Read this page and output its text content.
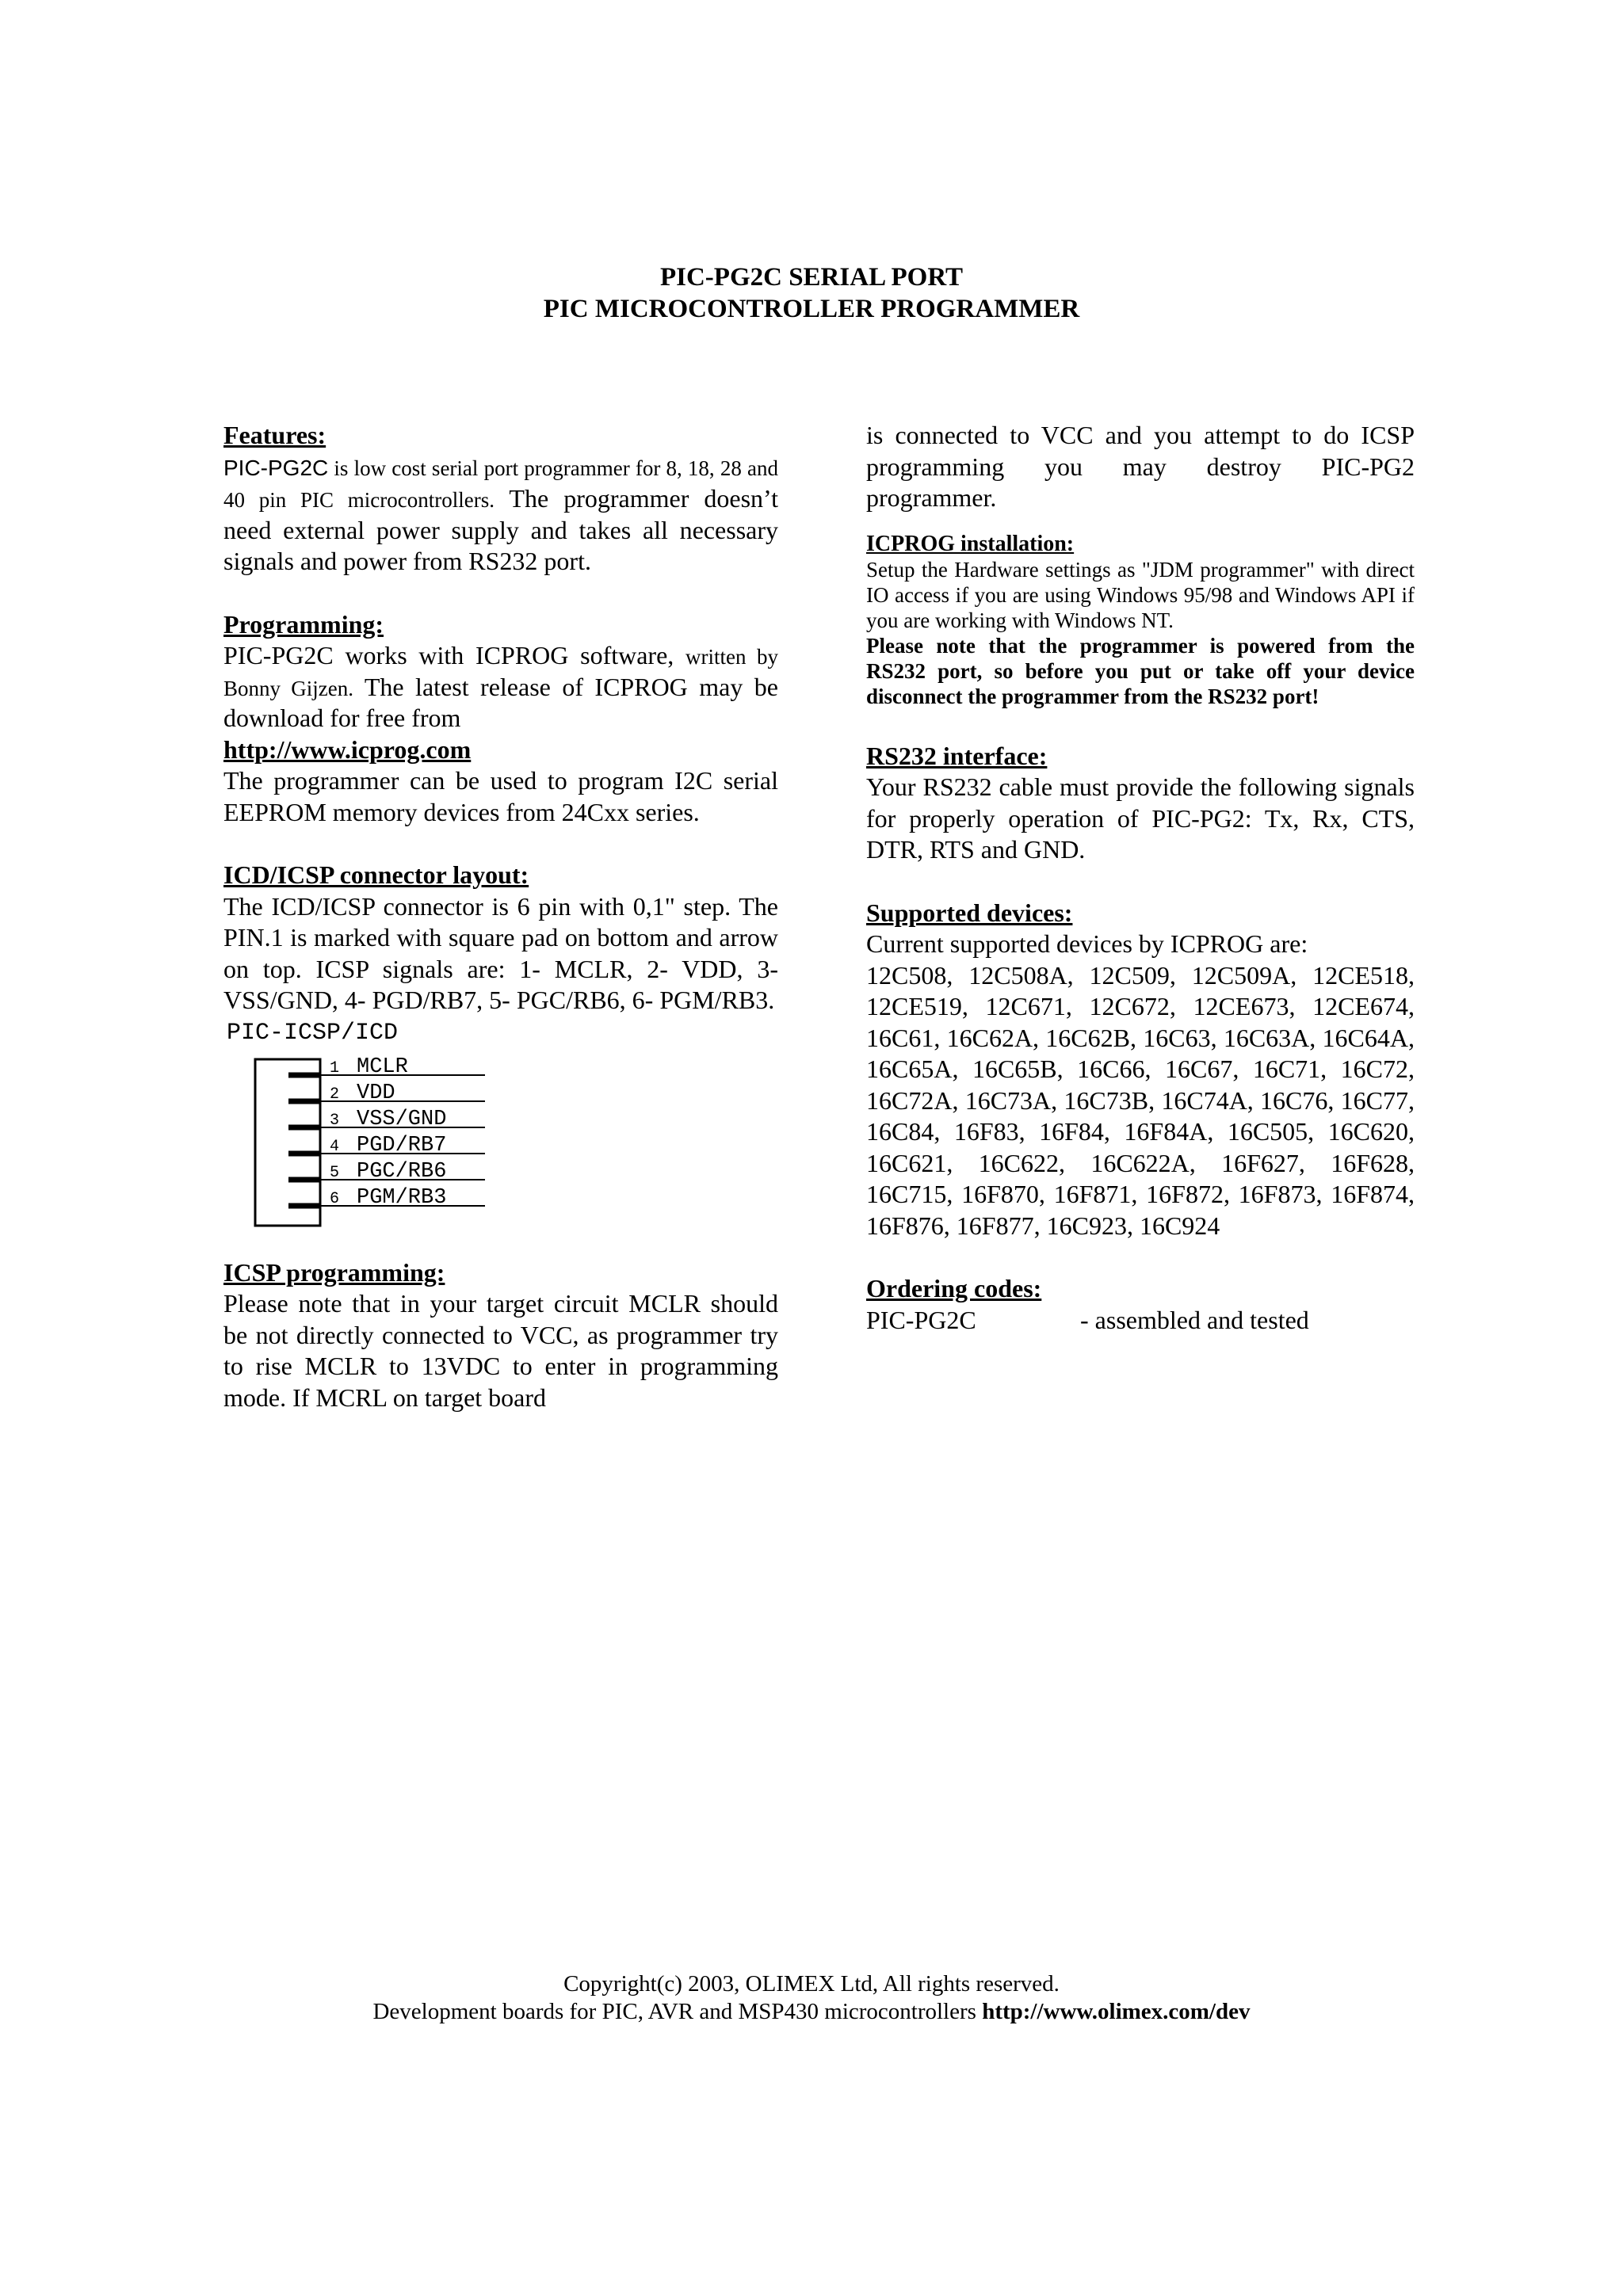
PIC-PG2C SERIAL PORT
PIC MICROCONTROLLER PROGRAMMER
Features:
PIC-PG2C is low cost serial port programmer for 8, 18, 28 and 40 pin PIC microcontrollers. The programmer doesn’t need external power supply and takes all necessary signals and power from RS232 port.
Programming:
PIC-PG2C works with ICPROG software, written by Bonny Gijzen. The latest release of ICPROG may be download for free from
http://www.icprog.com
The programmer can be used to program I2C serial EEPROM memory devices from 24Cxx series.
ICD/ICSP connector layout:
The ICD/ICSP connector is 6 pin with 0,1" step. The PIN.1 is marked with square pad on bottom and arrow on top. ICSP signals are: 1- MCLR, 2- VDD, 3- VSS/GND, 4- PGD/RB7, 5- PGC/RB6, 6- PGM/RB3.
PIC-ICSP/ICD
1 MCLR
2 VDD
3 VSS/GND
4 PGD/RB7
5 PGC/RB6
6 PGM/RB3
ICSP programming:
Please note that in your target circuit MCLR should be not directly connected to VCC, as programmer try to rise MCLR to 13VDC to enter in programming mode. If MCRL on target board
is connected to VCC and you attempt to do ICSP programming you may destroy PIC-PG2 programmer.
ICPROG installation:
Setup the Hardware settings as "JDM programmer" with direct IO access if you are using Windows 95/98 and Windows API if you are working with Windows NT.
Please note that the programmer is powered from the RS232 port, so before you put or take off your device disconnect the programmer from the RS232 port!
RS232 interface:
Your RS232 cable must provide the following signals for properly operation of PIC-PG2: Tx, Rx, CTS, DTR, RTS and GND.
Supported devices:
Current supported devices by ICPROG are:
12C508, 12C508A, 12C509, 12C509A, 12CE518, 12CE519, 12C671, 12C672, 12CE673, 12CE674, 16C61, 16C62A, 16C62B, 16C63, 16C63A, 16C64A, 16C65A, 16C65B, 16C66, 16C67, 16C71, 16C72, 16C72A, 16C73A, 16C73B, 16C74A, 16C76, 16C77, 16C84, 16F83, 16F84, 16F84A, 16C505, 16C620, 16C621, 16C622, 16C622A, 16F627, 16F628, 16C715, 16F870, 16F871, 16F872, 16F873, 16F874, 16F876, 16F877, 16C923, 16C924
Ordering codes:
PIC-PG2C	- assembled and tested
Copyright(c) 2003, OLIMEX Ltd, All rights reserved.
Development boards for PIC, AVR and MSP430 microcontrollers http://www.olimex.com/dev
